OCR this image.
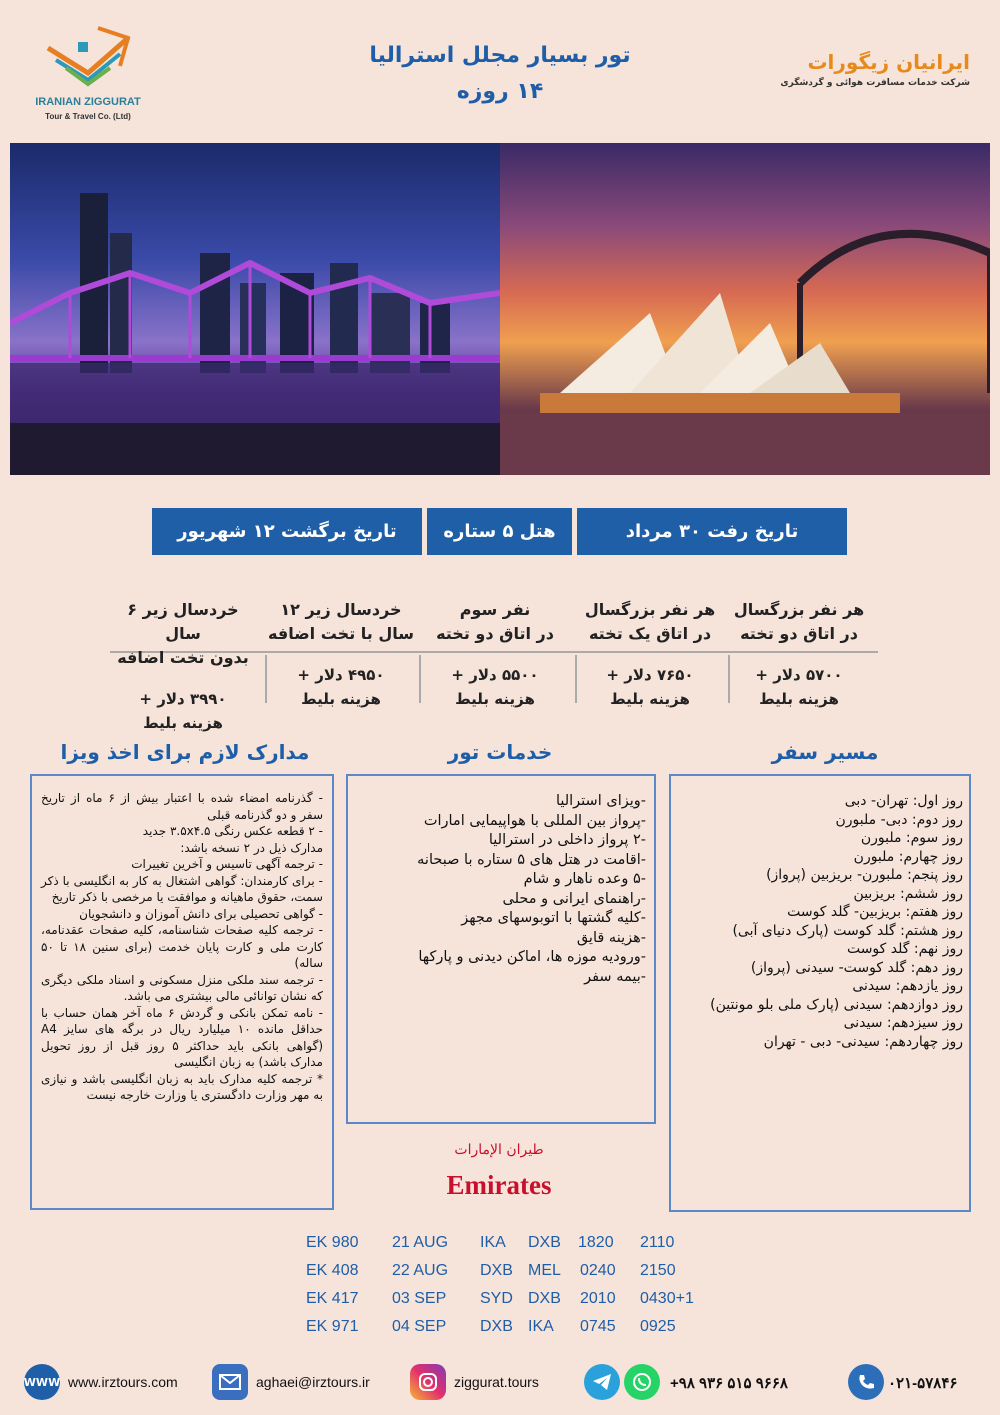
IRANIAN ZIGGURAT
Tour & Travel Co. (Ltd)
تور بسیار مجلل استرالیا
۱۴ روزه
ایرانیان زیگورات
شرکت خدمات مسافرت هوائی و گردشگری
تاریخ رفت ۳۰ مرداد
هتل ۵ ستاره
تاریخ برگشت ۱۲ شهریور
هر نفر بزرگسال
در اتاق دو تخته
۵۷۰۰ دلار +
هزینه بلیط
هر نفر بزرگسال
در اتاق یک تخته
۷۶۵۰ دلار +
هزینه بلیط
نفر سوم
در اتاق دو تخته
۵۵۰۰ دلار +
هزینه بلیط
خردسال زیر ۱۲
سال با تخت اضافه
۴۹۵۰ دلار +
هزینه بلیط
خردسال زیر ۶ سال
بدون تخت اضافه
۳۹۹۰ دلار +
هزینه بلیط
مسیر سفر
خدمات تور
مدارک لازم برای اخذ ویزا
روز اول: تهران- دبی
روز دوم: دبی- ملبورن
روز سوم: ملبورن
روز چهارم: ملبورن
روز پنجم: ملبورن- بریزبین (پرواز)
روز ششم: بریزبین
روز هفتم: بریزبین- گلد کوست
روز هشتم: گلد کوست (پارک دنیای آبی)
روز نهم: گلد کوست
روز دهم: گلد کوست- سیدنی (پرواز)
روز یازدهم: سیدنی
روز دوازدهم: سیدنی (پارک ملی بلو مونتین)
روز سیزدهم: سیدنی
روز چهاردهم: سیدنی- دبی - تهران
-ویزای استرالیا
-پرواز بین المللی با هواپیمایی امارات
-۲ پرواز داخلی در استرالیا
-اقامت در هتل های ۵ ستاره با صبحانه
-۵ وعده ناهار و شام
-راهنمای ایرانی و محلی
-کلیه گشتها با اتوبوسهای مجهز
-هزینه قایق
-ورودیه موزه ها، اماکن دیدنی و پارکها
-بیمه سفر

- گذرنامه امضاء شده با اعتبار بیش از ۶ ماه از تاریخ سفر و دو گذرنامه قبلی

- ۲ قطعه عکس رنگی ۳.۵x۴.۵ جدید

مدارک ذیل در ۲ نسخه باشد:

- ترجمه آگهی تاسیس و آخرین تغییرات

- برای کارمندان: گواهی اشتغال به کار به انگلیسی با ذکر سمت، حقوق ماهیانه و موافقت یا مرخصی با ذکر تاریخ

- گواهی تحصیلی برای دانش آموزان و دانشجویان

- ترجمه کلیه صفحات شناسنامه، کلیه صفحات عقدنامه، کارت ملی و کارت پایان خدمت (برای سنین ۱۸ تا ۵۰ ساله)

- ترجمه سند ملکی منزل مسکونی و اسناد ملکی دیگری که نشان توانائی مالی بیشتری می باشد.

- نامه تمکن بانکی و گردش ۶ ماه آخر همان حساب با حداقل مانده ۱۰ میلیارد ریال در برگه های سایز A4 (گواهی بانکی باید حداکثر ۵ روز قبل از روز تحویل مدارک باشد) به زبان انگلیسی

* ترجمه کلیه مدارک باید به زبان انگلیسی باشد و نیازی به مهر وزارت دادگستری یا وزارت خارجه نیست

طيران الإمارات
Emirates
EK 980 21 AUG IKA DXB 1820 2110
EK 408 22 AUG DXB MEL 0240 2150
EK 417 03 SEP SYD DXB 2010 0430+1
EK 971 04 SEP DXB IKA 0745 0925
WWW www.irztours.com	aghaei@irztours.ir	ziggurat.tours	+۹۸ ۹۳۶ ۵۱۵ ۹۶۶۸	۰۲۱-۵۷۸۴۶
